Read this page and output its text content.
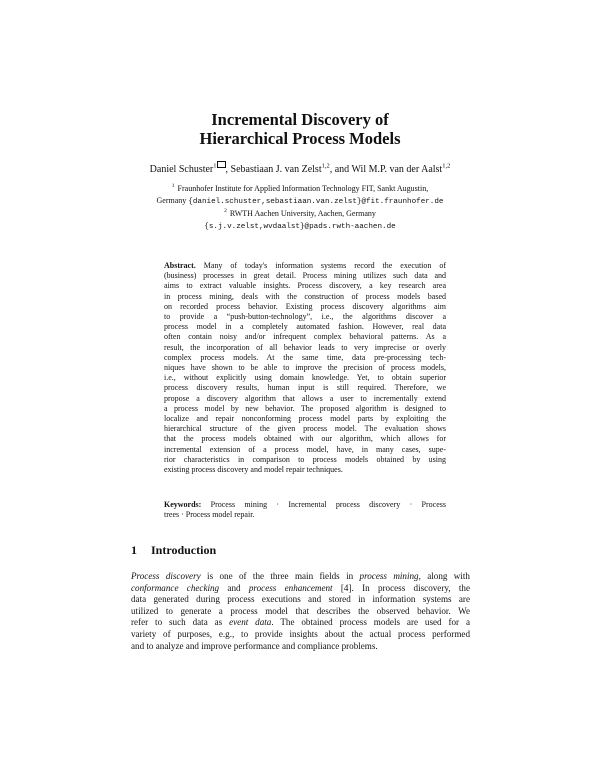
Incremental Discovery of
Hierarchical Process Models
Daniel Schuster$^1$ , Sebastiaan J. van Zelst$^{1,2}$, and Wil M.P. van der Aalst$^{1,2}$
$^1$ Fraunhofer Institute for Applied Information Technology FIT, Sankt Augustin,
Germany {daniel.schuster,sebastiaan.van.zelst}@fit.fraunhofer.de
$^2$ RWTH Aachen University, Aachen, Germany
{s.j.v.zelst,wvdaalst}@pads.rwth-aachen.de
Abstract. Many of today's information systems record the execution of
(business) processes in great detail. Process mining utilizes such data and
aims to extract valuable insights. Process discovery, a key research area
in process mining, deals with the construction of process models based
on recorded process behavior. Existing process discovery algorithms aim
to provide a “push-button-technology”, i.e., the algorithms discover a
process model in a completely automated fashion. However, real data
often contain noisy and/or infrequent complex behavioral patterns. As a
result, the incorporation of all behavior leads to very imprecise or overly
complex process models. At the same time, data pre-processing tech-
niques have shown to be able to improve the precision of process models,
i.e., without explicitly using domain knowledge. Yet, to obtain superior
process discovery results, human input is still required. Therefore, we
propose a discovery algorithm that allows a user to incrementally extend
a process model by new behavior. The proposed algorithm is designed to
localize and repair nonconforming process model parts by exploiting the
hierarchical structure of the given process model. The evaluation shows
that the process models obtained with our algorithm, which allows for
incremental extension of a process model, have, in many cases, supe-
rior characteristics in comparison to process models obtained by using
existing process discovery and model repair techniques.
Keywords: Process mining · Incremental process discovery · Process
trees · Process model repair.
1 Introduction
Process discovery is one of the three main fields in process mining, along with
conformance checking and process enhancement [4]. In process discovery, the
data generated during process executions and stored in information systems are
utilized to generate a process model that describes the observed behavior. We
refer to such data as event data. The obtained process models are used for a
variety of purposes, e.g., to provide insights about the actual process performed
and to analyze and improve performance and compliance problems.
